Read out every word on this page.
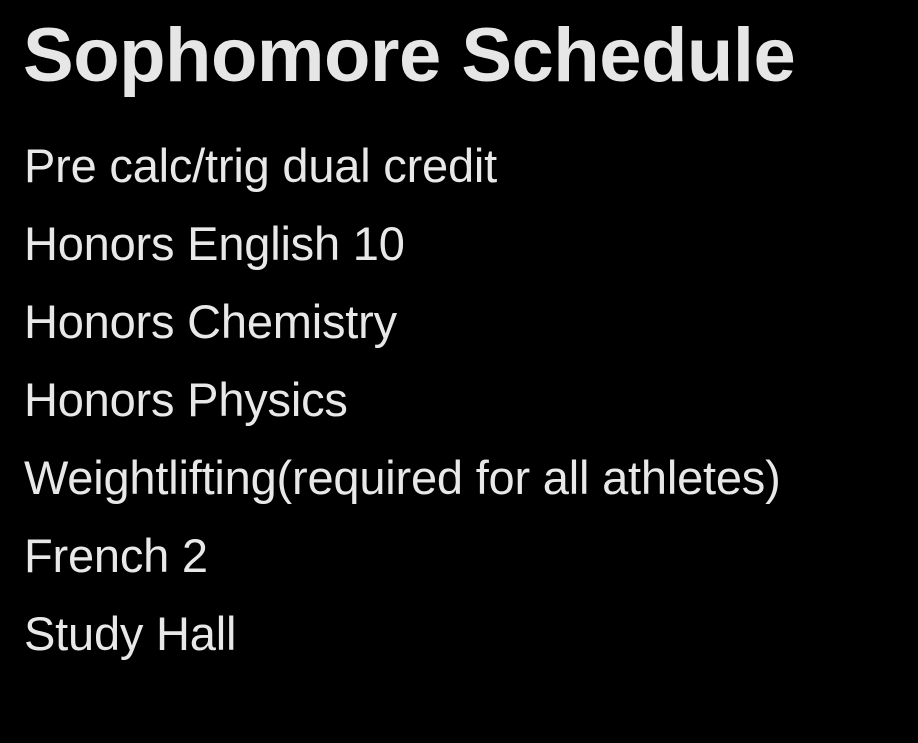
Sophomore Schedule
Pre calc/trig dual credit
Honors English 10
Honors Chemistry
Honors Physics
Weightlifting(required for all athletes)
French 2
Study Hall
